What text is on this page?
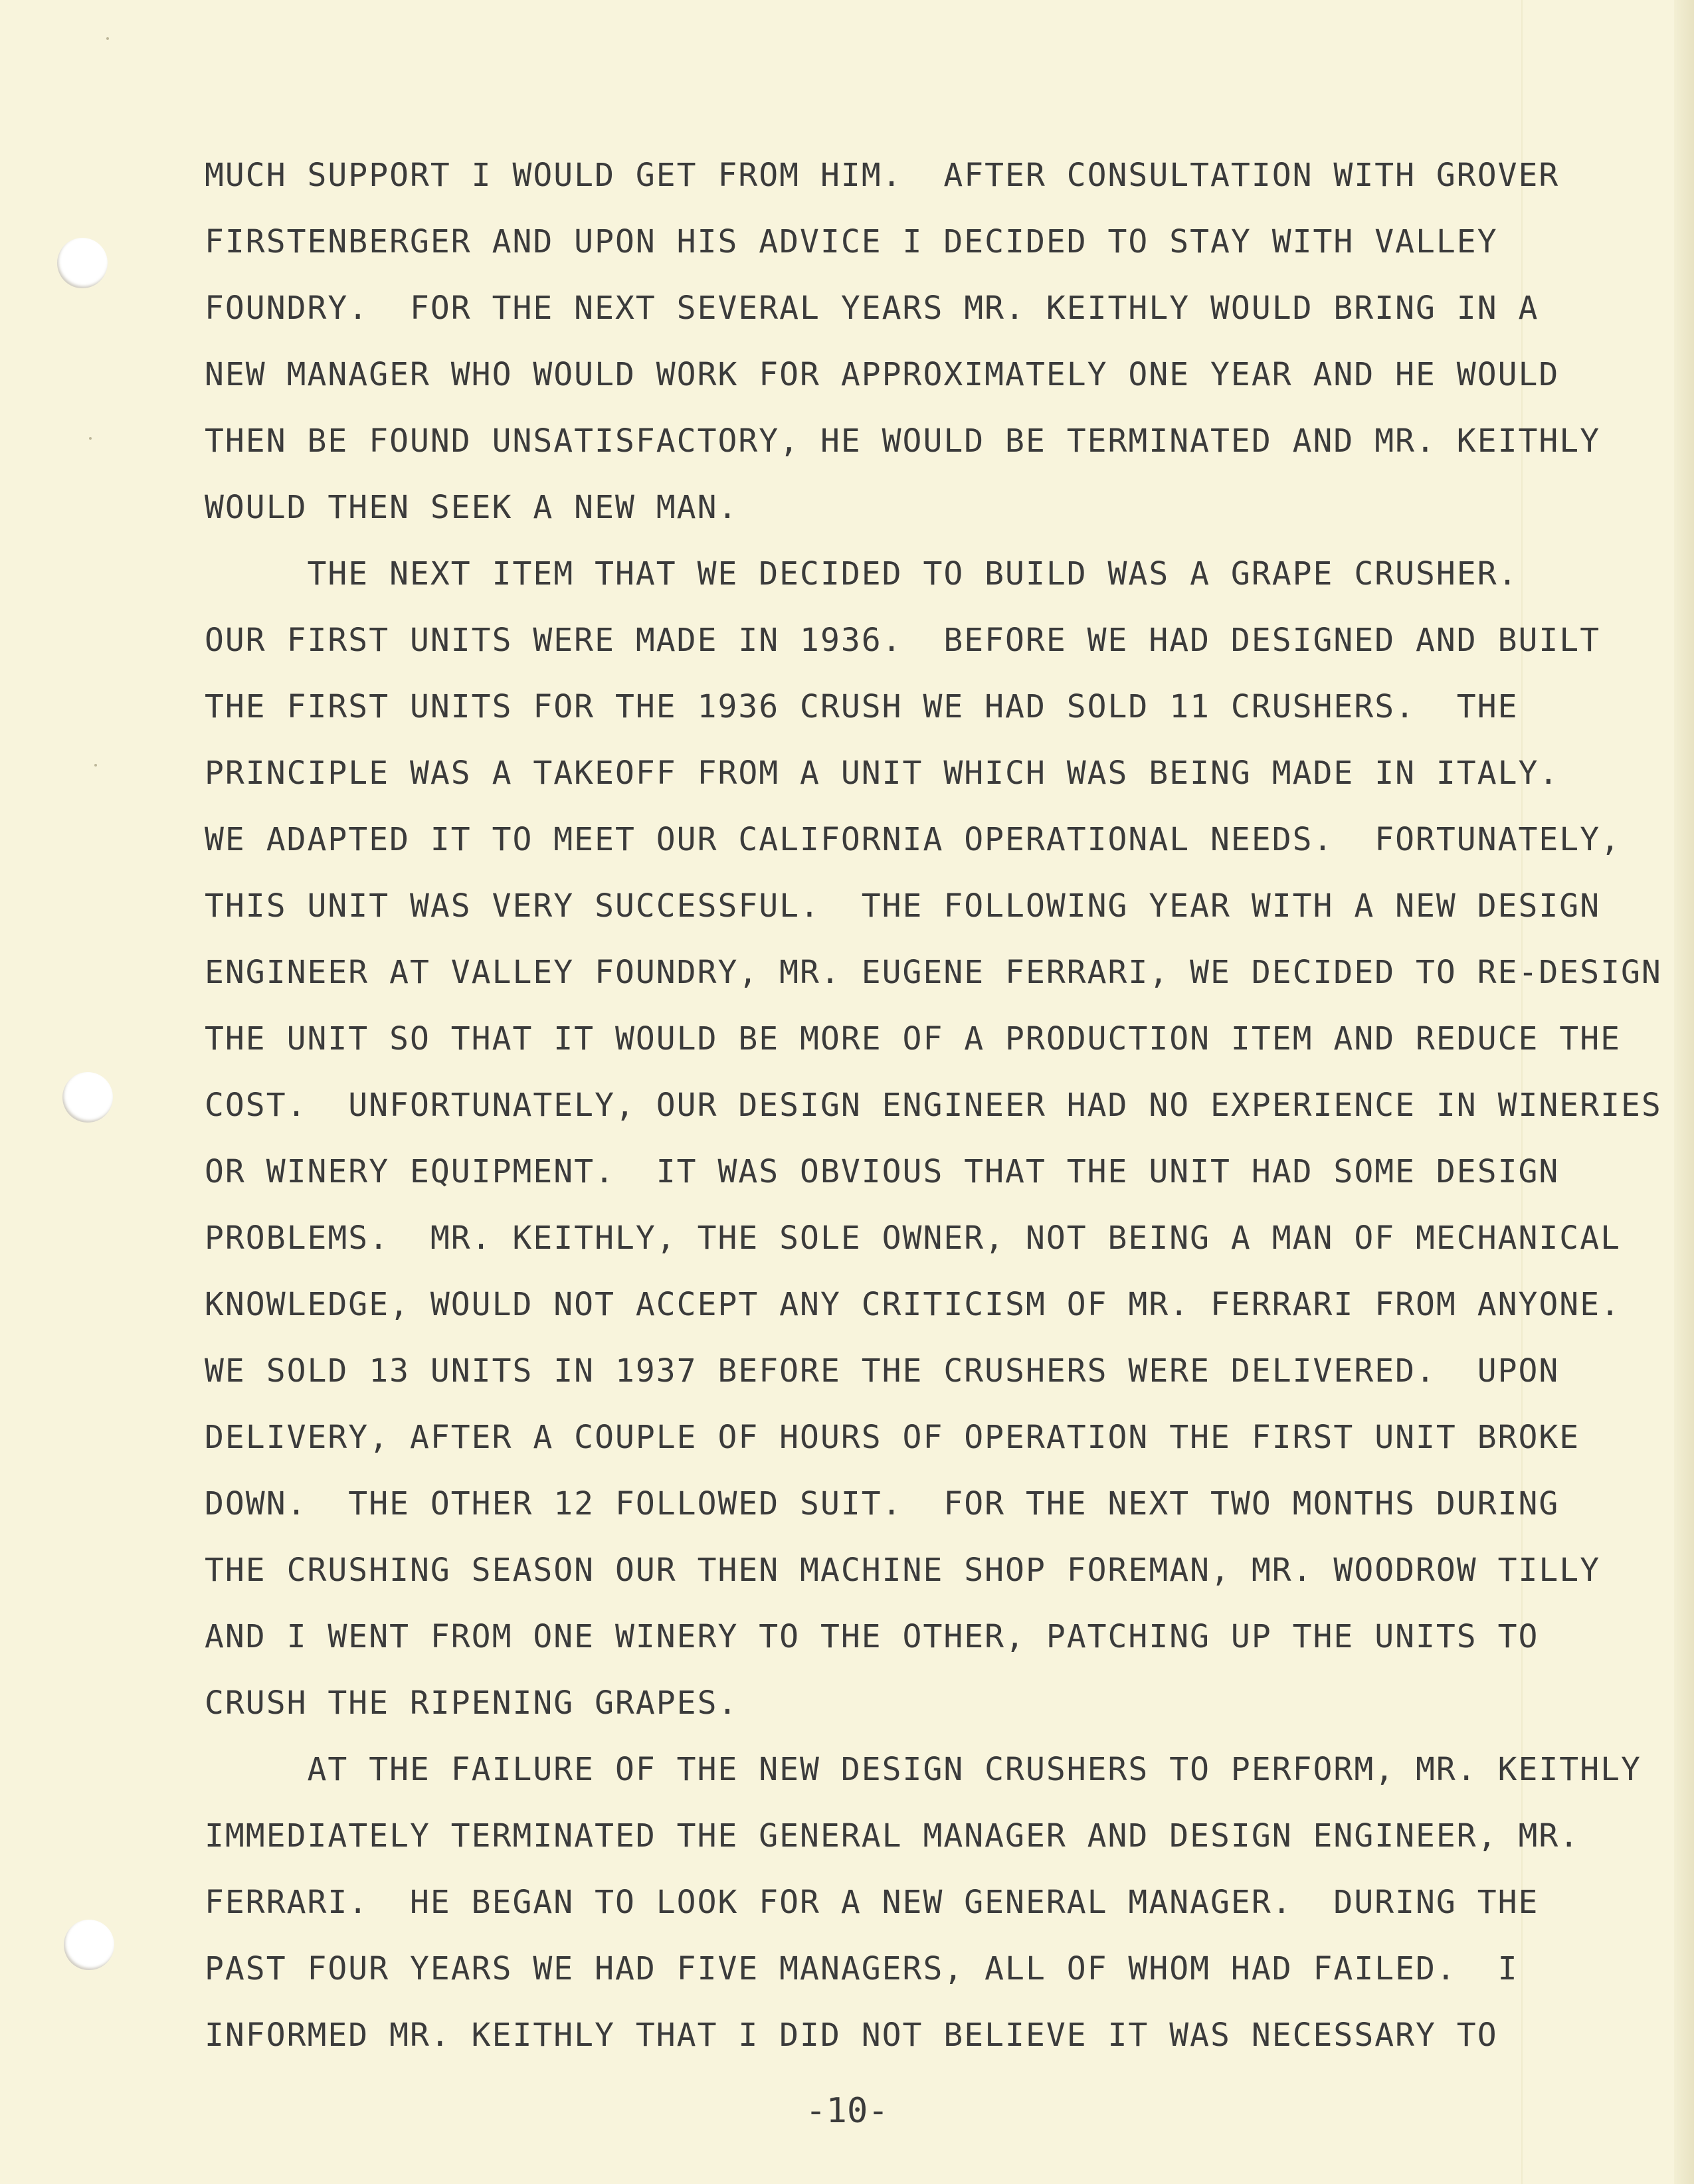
MUCH SUPPORT I WOULD GET FROM HIM.  AFTER CONSULTATION WITH GROVER
FIRSTENBERGER AND UPON HIS ADVICE I DECIDED TO STAY WITH VALLEY
FOUNDRY.  FOR THE NEXT SEVERAL YEARS MR. KEITHLY WOULD BRING IN A
NEW MANAGER WHO WOULD WORK FOR APPROXIMATELY ONE YEAR AND HE WOULD
THEN BE FOUND UNSATISFACTORY, HE WOULD BE TERMINATED AND MR. KEITHLY
WOULD THEN SEEK A NEW MAN.
THE NEXT ITEM THAT WE DECIDED TO BUILD WAS A GRAPE CRUSHER.
OUR FIRST UNITS WERE MADE IN 1936.  BEFORE WE HAD DESIGNED AND BUILT
THE FIRST UNITS FOR THE 1936 CRUSH WE HAD SOLD 11 CRUSHERS.  THE
PRINCIPLE WAS A TAKEOFF FROM A UNIT WHICH WAS BEING MADE IN ITALY.
WE ADAPTED IT TO MEET OUR CALIFORNIA OPERATIONAL NEEDS.  FORTUNATELY,
THIS UNIT WAS VERY SUCCESSFUL.  THE FOLLOWING YEAR WITH A NEW DESIGN
ENGINEER AT VALLEY FOUNDRY, MR. EUGENE FERRARI, WE DECIDED TO RE-DESIGN
THE UNIT SO THAT IT WOULD BE MORE OF A PRODUCTION ITEM AND REDUCE THE
COST.  UNFORTUNATELY, OUR DESIGN ENGINEER HAD NO EXPERIENCE IN WINERIES
OR WINERY EQUIPMENT.  IT WAS OBVIOUS THAT THE UNIT HAD SOME DESIGN
PROBLEMS.  MR. KEITHLY, THE SOLE OWNER, NOT BEING A MAN OF MECHANICAL
KNOWLEDGE, WOULD NOT ACCEPT ANY CRITICISM OF MR. FERRARI FROM ANYONE.
WE SOLD 13 UNITS IN 1937 BEFORE THE CRUSHERS WERE DELIVERED.  UPON
DELIVERY, AFTER A COUPLE OF HOURS OF OPERATION THE FIRST UNIT BROKE
DOWN.  THE OTHER 12 FOLLOWED SUIT.  FOR THE NEXT TWO MONTHS DURING
THE CRUSHING SEASON OUR THEN MACHINE SHOP FOREMAN, MR. WOODROW TILLY
AND I WENT FROM ONE WINERY TO THE OTHER, PATCHING UP THE UNITS TO
CRUSH THE RIPENING GRAPES.
AT THE FAILURE OF THE NEW DESIGN CRUSHERS TO PERFORM, MR. KEITHLY
IMMEDIATELY TERMINATED THE GENERAL MANAGER AND DESIGN ENGINEER, MR.
FERRARI.  HE BEGAN TO LOOK FOR A NEW GENERAL MANAGER.  DURING THE
PAST FOUR YEARS WE HAD FIVE MANAGERS, ALL OF WHOM HAD FAILED.  I
INFORMED MR. KEITHLY THAT I DID NOT BELIEVE IT WAS NECESSARY TO
-10-
